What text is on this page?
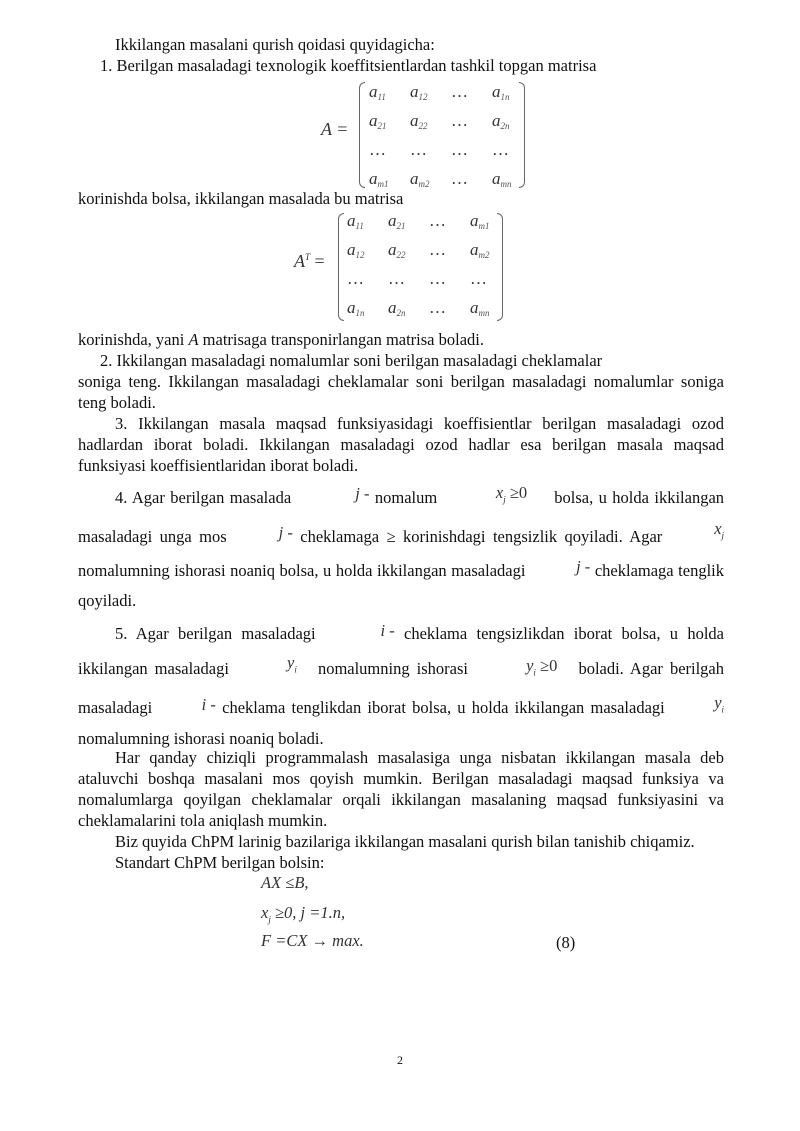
Ikkilangan masalani qurish qoidasi quyidagicha:

1. Berilgan masaladagi texnologik koeffitsientlardan tashkil topgan matrisa

A =
$a_{11}$	$a_{12}$	…	$a_{1n}$
$a_{21}$	$a_{22}$	…	$a_{2n}$
…	…	…	…
$a_{m1}$	$a_{m2}$	…	$a_{mn}$

korinishda bolsa, ikkilangan masalada bu matrisa

$A^T$ =
$a_{11}$	$a_{21}$	…	$a_{m1}$
$a_{12}$	$a_{22}$	…	$a_{m2}$
…	…	…	…
$a_{1n}$	$a_{2n}$	…	$a_{mn}$

korinishda, yani A matrisaga transponirlangan matrisa boladi.

2. Ikkilangan masaladagi nomalumlar soni berilgan masaladagi cheklamalar

soniga teng. Ikkilangan masaladagi cheklamalar soni berilgan masaladagi nomalumlar soniga teng boladi.

3. Ikkilangan masala maqsad funksiyasidagi koeffisientlar berilgan masaladagi ozod hadlardan iborat boladi. Ikkilangan masaladagi ozod hadlar esa berilgan masala maqsad funksiyasi koeffisientlaridan iborat boladi.

4. Agar berilgan masalada	j - nomalum	$x_j \ge 0$ bolsa, u holda ikkilangan masaladagi unga mos	j - cheklamaga ≥ korinishdagi tengsizlik qoyiladi. Agar	$x_j$ nomalumning ishorasi noaniq bolsa, u holda ikkilangan masaladagi	j - cheklamaga tenglik qoyiladi.

5. Agar berilgan masaladagi	i - cheklama tengsizlikdan iborat bolsa, u holda ikkilangan masaladagi	$y_i$ nomalumning ishorasi	$y_i \ge 0$ boladi. Agar berilgah masaladagi	i - cheklama tenglikdan iborat bolsa, u holda ikkilangan masaladagi	$y_i$ nomalumning ishorasi noaniq boladi.

Har qanday chiziqli programmalash masalasiga unga nisbatan ikkilangan masala deb ataluvchi boshqa masalani mos qoyish mumkin. Berilgan masaladagi maqsad funksiya va nomalumlarga qoyilgan cheklamalar orqali ikkilangan masalaning maqsad funksiyasini va cheklamalarini tola aniqlash mumkin.

Biz quyida ChPM larinig bazilariga ikkilangan masalani qurish bilan tanishib chiqamiz.

Standart ChPM berilgan bolsin:

AX ≤B,
$x_j \ge 0$, j =1.n,
F =CX → max.	(8)
2
